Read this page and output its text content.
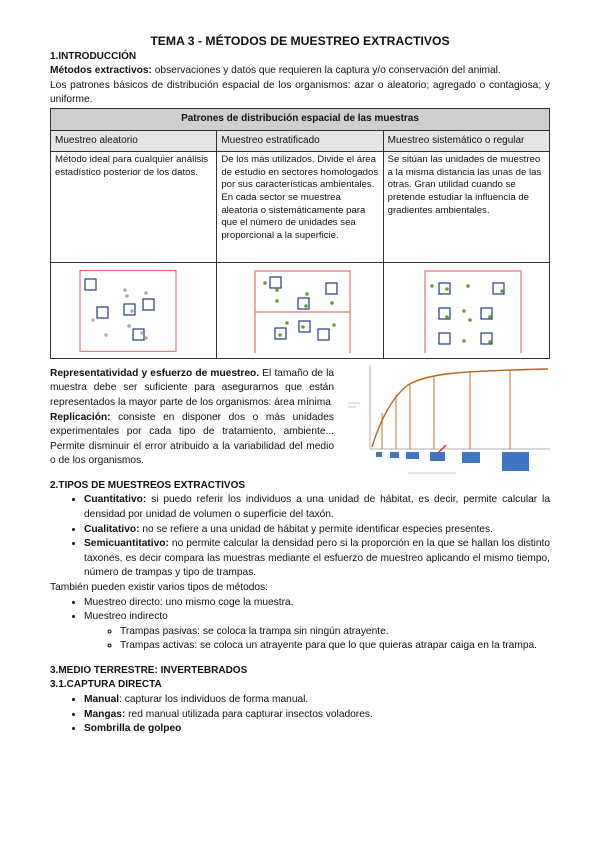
TEMA 3 - MÉTODOS DE MUESTREO EXTRACTIVOS
1.INTRODUCCIÓN
Métodos extractivos: observaciones y datos que requieren la captura y/o conservación del animal.
Los patrones básicos de distribución espacial de los organismos: azar o aleatorio; agregado o contagiosa; y uniforme.
Patrones de distribución espacial de las muestras		
Muestreo aleatorio	Muestreo estratificado	Muestreo sistemático o regular
Método ideal para cualquier análisis estadístico posterior de los datos.	De los más utilizados. Divide el área de estudio en sectores homologados por sus características ambientales. En cada sector se muestrea aleatoria o sistemáticamente para que el número de unidades sea proporcional a la superficie.	Se sitúan las unidades de muestreo a la misma distancia las unas de las otras. Gran utilidad cuando se pretende estudiar la influencia de gradientes ambientales.

Representatividad y esfuerzo de muestreo. El tamaño de la muestra debe ser suficiente para asegurarnos que están representados la mayor parte de los organismos: área mínima
Replicación: consiste en disponer dos o más unidades experimentales por cada tipo de tratamiento, ambiente... Permite disminuir el error atribuido a la variabilidad del medio o de los organismos.
2.TIPOS DE MUESTREOS EXTRACTIVOS
• Cuantitativo: si puedo referir los individuos a una unidad de hábitat, es decir, permite calcular la densidad por unidad de volumen o superficie del taxón.
• Cualitativo: no se refiere a una unidad de hábitat y permite identificar especies presentes.
• Semicuantitativo: no permite calcular la densidad pero si la proporción en la que se hallan los distinto taxones, es decir compara las muestras mediante el esfuerzo de muestreo aplicando el mismo tiempo, número de trampas y tipo de trampas.
También pueden existir varios tipos de métodos:
• Muestreo directo: uno mismo coge la muestra.
• Muestreo indirecto
◦ Trampas pasivas: se coloca la trampa sin ningún atrayente.
◦ Trampas activas: se coloca un atrayente para que lo que quieras atrapar caiga en la trampa.
3.MEDIO TERRESTRE: INVERTEBRADOS
3.1.CAPTURA DIRECTA
• Manual: capturar los individuos de forma manual.
• Mangas: red manual utilizada para capturar insectos voladores.
• Sombrilla de golpeo
